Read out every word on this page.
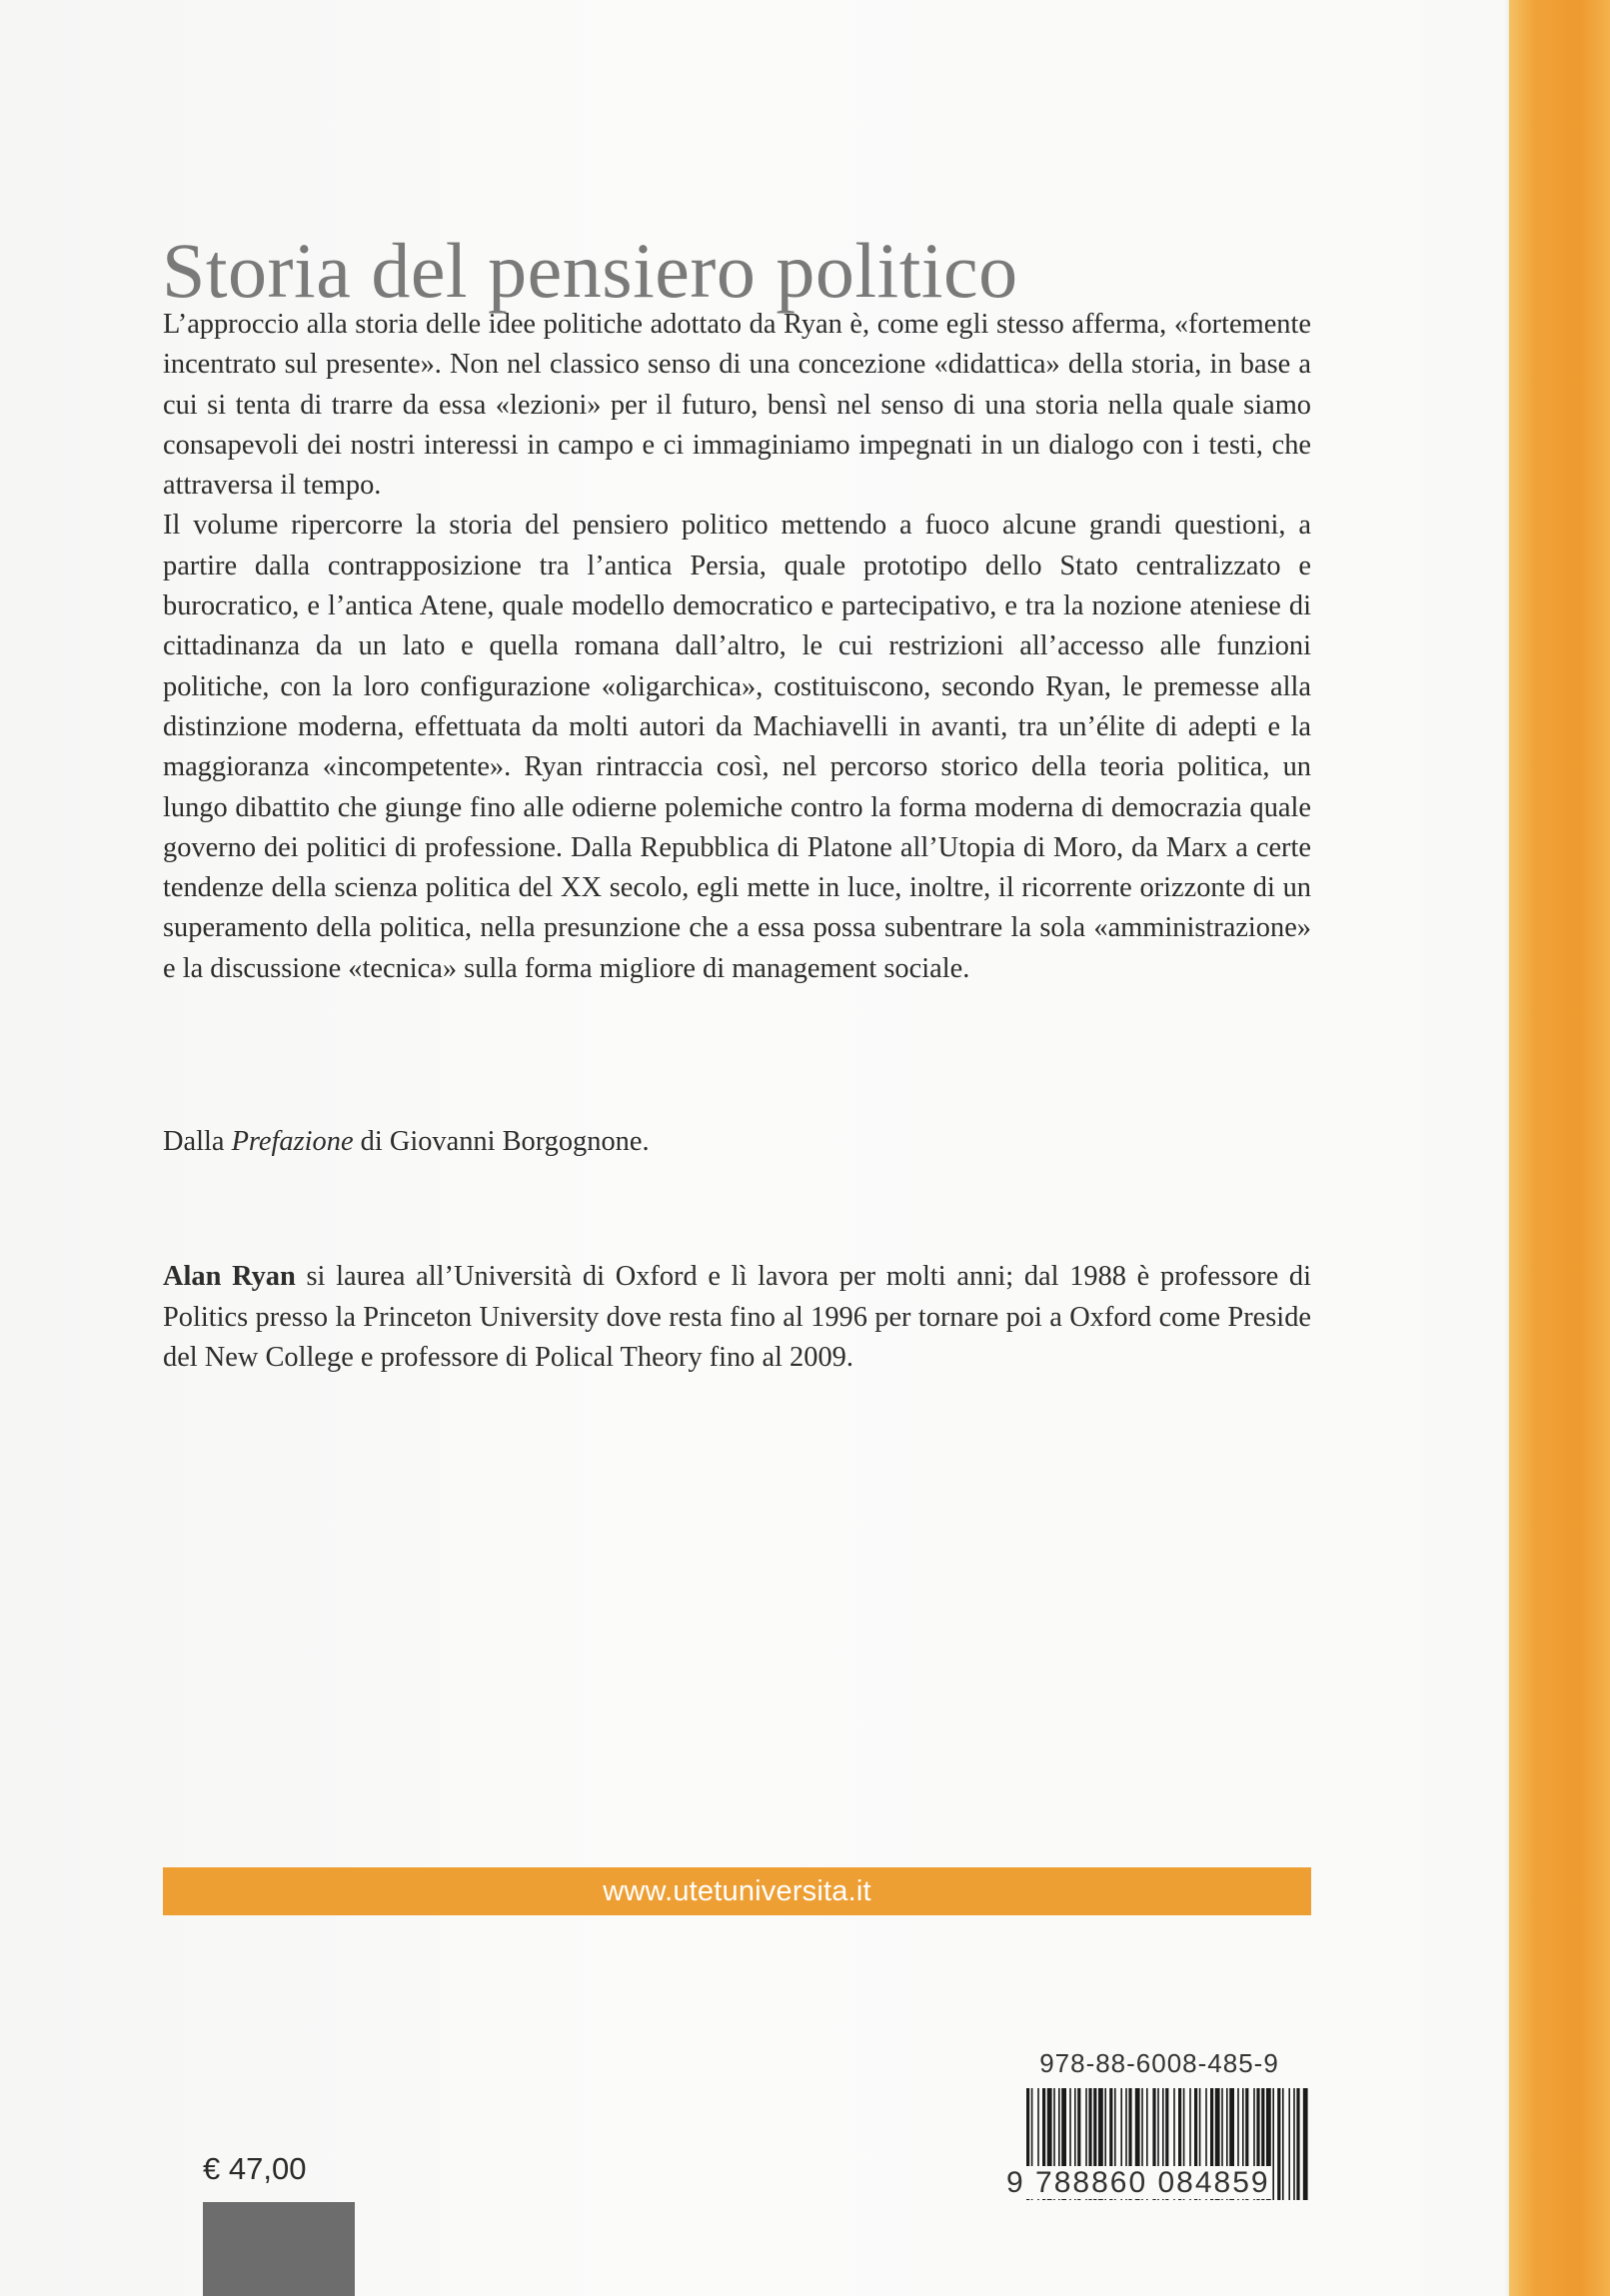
Storia del pensiero politico

L’approccio alla storia delle idee politiche adottato da Ryan è, come egli stesso afferma, «fortemente incentrato sul presente». Non nel classico senso di una concezione «didattica» della storia, in base a cui si tenta di trarre da essa «lezioni» per il futuro, bensì nel senso di una storia nella quale siamo consapevoli dei nostri interessi in campo e ci immaginiamo impegnati in un dialogo con i testi, che attraversa il tempo.

Il volume ripercorre la storia del pensiero politico mettendo a fuoco alcune grandi questioni, a partire dalla contrapposizione tra l’antica Persia, quale prototipo dello Stato centralizzato e burocratico, e l’antica Atene, quale modello democratico e partecipativo, e tra la nozione ateniese di cittadinanza da un lato e quella romana dall’altro, le cui restrizioni all’accesso alle funzioni politiche, con la loro configurazione «oligarchica», costituiscono, secondo Ryan, le premesse alla distinzione moderna, effettuata da molti autori da Machiavelli in avanti, tra un’élite di adepti e la maggioranza «incompetente». Ryan rintraccia così, nel percorso storico della teoria politica, un lungo dibattito che giunge fino alle odierne polemiche contro la forma moderna di democrazia quale governo dei politici di professione. Dalla Repubblica di Platone all’Utopia di Moro, da Marx a certe tendenze della scienza politica del XX secolo, egli mette in luce, inoltre, il ricorrente orizzonte di un superamento della politica, nella presunzione che a essa possa subentrare la sola «amministrazione» e la discussione «tecnica» sulla forma migliore di management sociale.

Dalla Prefazione di Giovanni Borgognone.
Alan Ryan si laurea all’Università di Oxford e lì lavora per molti anni; dal 1988 è professore di Politics presso la Princeton University dove resta fino al 1996 per tornare poi a Oxford come Preside del New College e professore di Polical Theory fino al 2009.
www.utetuniversita.it
978-88-6008-485-9
9 788860 084859
€ 47,00
